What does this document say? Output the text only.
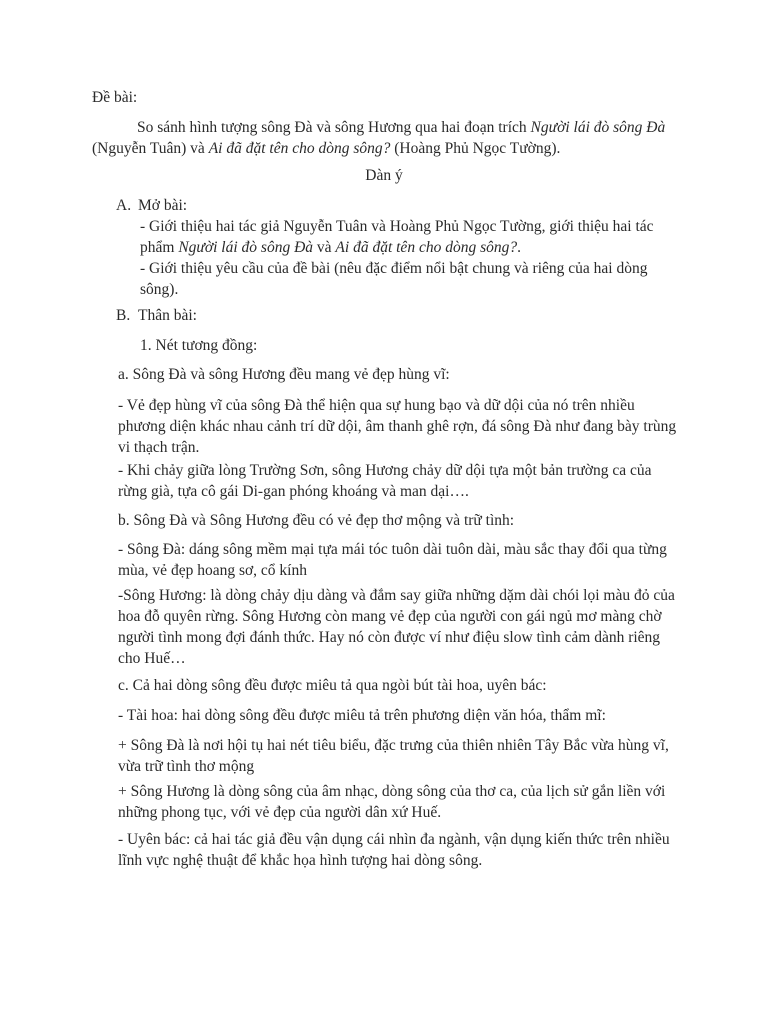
Đề bài:
So sánh hình tượng sông Đà và sông Hương qua hai đoạn trích Người lái đò sông Đà (Nguyễn Tuân) và Ai đã đặt tên cho dòng sông? (Hoàng Phủ Ngọc Tường).
Dàn ý
A. Mở bài:
- Giới thiệu hai tác giả Nguyễn Tuân và Hoàng Phủ Ngọc Tường, giới thiệu hai tác phẩm Người lái đò sông Đà và Ai đã đặt tên cho dòng sông?.
- Giới thiệu yêu cầu của đề bài (nêu đặc điểm nổi bật chung và riêng của hai dòng sông).
B. Thân bài:
1. Nét tương đồng:
a. Sông Đà và sông Hương đều mang vẻ đẹp hùng vĩ:
- Vẻ đẹp hùng vĩ của sông Đà thể hiện qua sự hung bạo và dữ dội của nó trên nhiều phương diện khác nhau cảnh trí dữ dội, âm thanh ghê rợn, đá sông Đà như đang bày trùng vi thạch trận.
- Khi chảy giữa lòng Trường Sơn, sông Hương chảy dữ dội tựa một bản trường ca của rừng già, tựa cô gái Di-gan phóng khoáng và man dại….
b. Sông Đà và Sông Hương đều có vẻ đẹp thơ mộng và trữ tình:
- Sông Đà: dáng sông mềm mại tựa mái tóc tuôn dài tuôn dài, màu sắc thay đổi qua từng mùa, vẻ đẹp hoang sơ, cổ kính
-Sông Hương: là dòng chảy dịu dàng và đắm say giữa những dặm dài chói lọi màu đỏ của hoa đỗ quyên rừng. Sông Hương còn mang vẻ đẹp của người con gái ngủ mơ màng chờ người tình mong đợi đánh thức. Hay nó còn được ví như điệu slow tình cảm dành riêng cho Huế…
c. Cả hai dòng sông đều được miêu tả qua ngòi bút tài hoa, uyên bác:
- Tài hoa: hai dòng sông đều được miêu tả trên phương diện văn hóa, thẩm mĩ:
+ Sông Đà là nơi hội tụ hai nét tiêu biểu, đặc trưng của thiên nhiên Tây Bắc vừa hùng vĩ, vừa trữ tình thơ mộng
+ Sông Hương là dòng sông của âm nhạc, dòng sông của thơ ca, của lịch sử gắn liền với những phong tục, với vẻ đẹp của người dân xứ Huế.
- Uyên bác: cả hai tác giả đều vận dụng cái nhìn đa ngành, vận dụng kiến thức trên nhiều lĩnh vực nghệ thuật để khắc họa hình tượng hai dòng sông.
